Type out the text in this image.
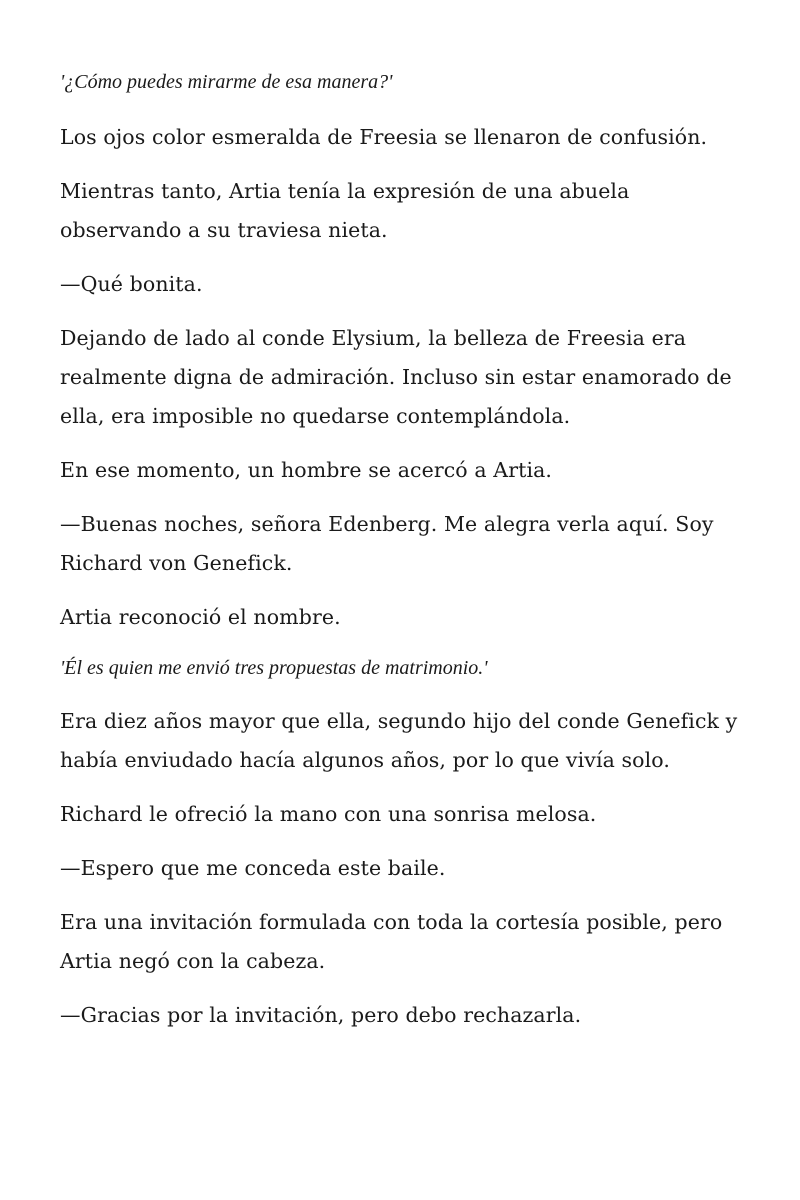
'¿Cómo puedes mirarme de esa manera?'

Los ojos color esmeralda de Freesia se llenaron de confusión.

Mientras tanto, Artia tenía la expresión de una abuela observando a su traviesa nieta.

—Qué bonita.

Dejando de lado al conde Elysium, la belleza de Freesia era realmente digna de admiración. Incluso sin estar enamorado de ella, era imposible no quedarse contemplándola.

En ese momento, un hombre se acercó a Artia.

—Buenas noches, señora Edenberg. Me alegra verla aquí. Soy Richard von Genefick.

Artia reconoció el nombre.

'Él es quien me envió tres propuestas de matrimonio.'

Era diez años mayor que ella, segundo hijo del conde Genefick y había enviudado hacía algunos años, por lo que vivía solo.

Richard le ofreció la mano con una sonrisa melosa.

—Espero que me conceda este baile.

Era una invitación formulada con toda la cortesía posible, pero Artia negó con la cabeza.

—Gracias por la invitación, pero debo rechazarla.
